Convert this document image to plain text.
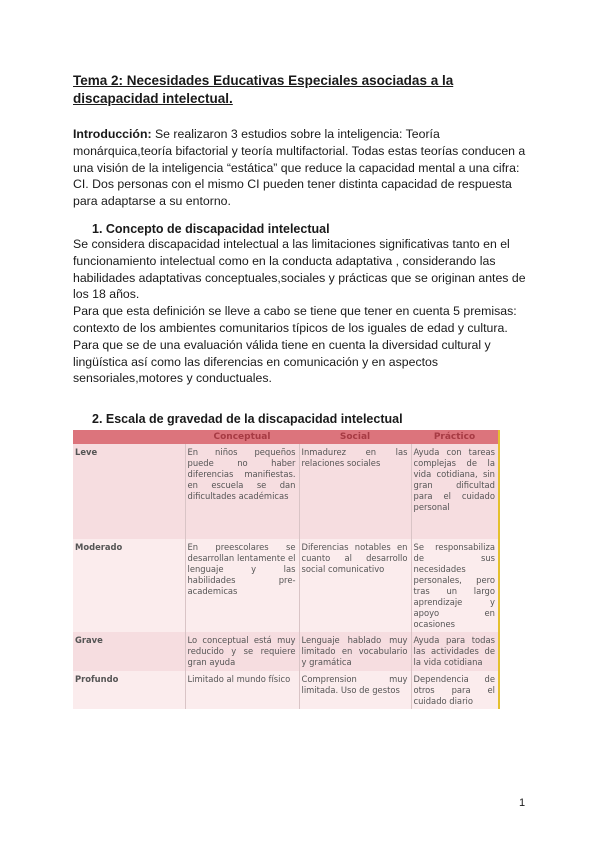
Tema 2: Necesidades Educativas Especiales asociadas a la discapacidad intelectual.
Introducción: Se realizaron 3 estudios sobre la inteligencia: Teoría monárquica,teoría bifactorial y teoría multifactorial. Todas estas teorías conducen a una visión de la inteligencia “estática” que reduce la capacidad mental a una cifra: CI. Dos personas con el mismo CI pueden tener distinta capacidad de respuesta para adaptarse a su entorno.
1. Concepto de discapacidad intelectual

Se considera discapacidad intelectual a las limitaciones significativas tanto en el funcionamiento intelectual como en la conducta adaptativa , considerando las habilidades adaptativas conceptuales,sociales y prácticas que se originan antes de los 18 años.

Para que esta definición se lleve a cabo se tiene que tener en cuenta 5 premisas: contexto de los ambientes comunitarios típicos de los iguales de edad y cultura. Para que se de una evaluación válida tiene en cuenta la diversidad cultural y lingüística así como las diferencias en comunicación y en aspectos sensoriales,motores y conductuales.

2. Escala de gravedad de la discapacidad intelectual
	Conceptual	Social	Práctico
Leve	En niños pequeños puede no haber diferencias manifiestas. en escuela se dan dificultades académicas	Inmadurez en las relaciones sociales	Ayuda con tareas complejas de la vida cotidiana, sin gran dificultad para el cuidado personal
Moderado	En preescolares se desarrollan lentamente el lenguaje y las habilidades pre-academicas	Diferencias notables en cuanto al desarrollo social comunicativo	Se responsabiliza de sus necesidades personales, pero tras un largo aprendizaje y apoyo en ocasiones
Grave	Lo conceptual está muy reducido y se requiere gran ayuda	Lenguaje hablado muy limitado en vocabulario y gramática	Ayuda para todas las actividades de la vida cotidiana
Profundo	Limitado al mundo físico	Comprension muy limitada. Uso de gestos	Dependencia de otros para el cuidado diario
1
